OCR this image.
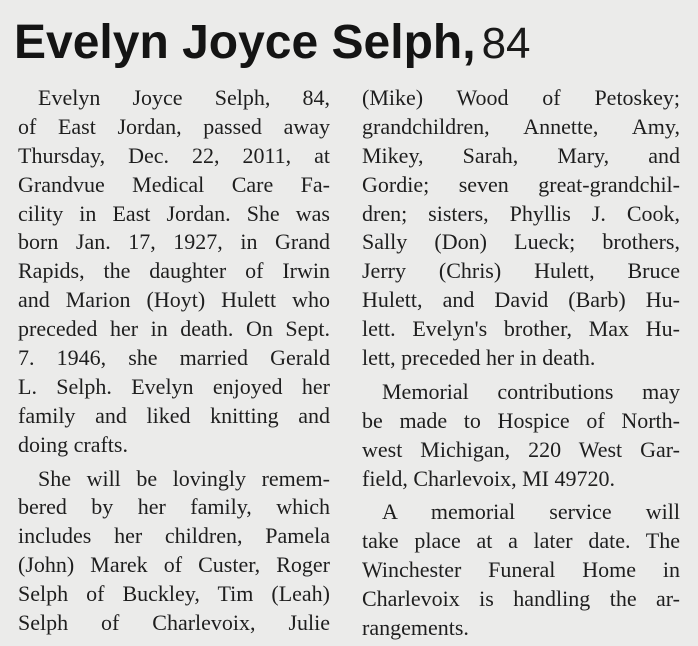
Evelyn Joyce Selph, 84
Evelyn Joyce Selph, 84,
of East Jordan, passed away
Thursday, Dec. 22, 2011, at
Grandvue Medical Care Fa-
cility in East Jordan. She was
born Jan. 17, 1927, in Grand
Rapids, the daughter of Irwin
and Marion (Hoyt) Hulett who
preceded her in death. On Sept.
7. 1946, she married Gerald
L. Selph. Evelyn enjoyed her
family and liked knitting and
doing crafts.
She will be lovingly remem-
bered by her family, which
includes her children, Pamela
(John) Marek of Custer, Roger
Selph of Buckley, Tim (Leah)
Selph of Charlevoix, Julie
(Mike) Wood of Petoskey;
grandchildren, Annette, Amy,
Mikey, Sarah, Mary, and
Gordie; seven great-grandchil-
dren; sisters, Phyllis J. Cook,
Sally (Don) Lueck; brothers,
Jerry (Chris) Hulett, Bruce
Hulett, and David (Barb) Hu-
lett. Evelyn's brother, Max Hu-
lett, preceded her in death.
Memorial contributions may
be made to Hospice of North-
west Michigan, 220 West Gar-
field, Charlevoix, MI 49720.
A memorial service will
take place at a later date. The
Winchester Funeral Home in
Charlevoix is handling the ar-
rangements.
